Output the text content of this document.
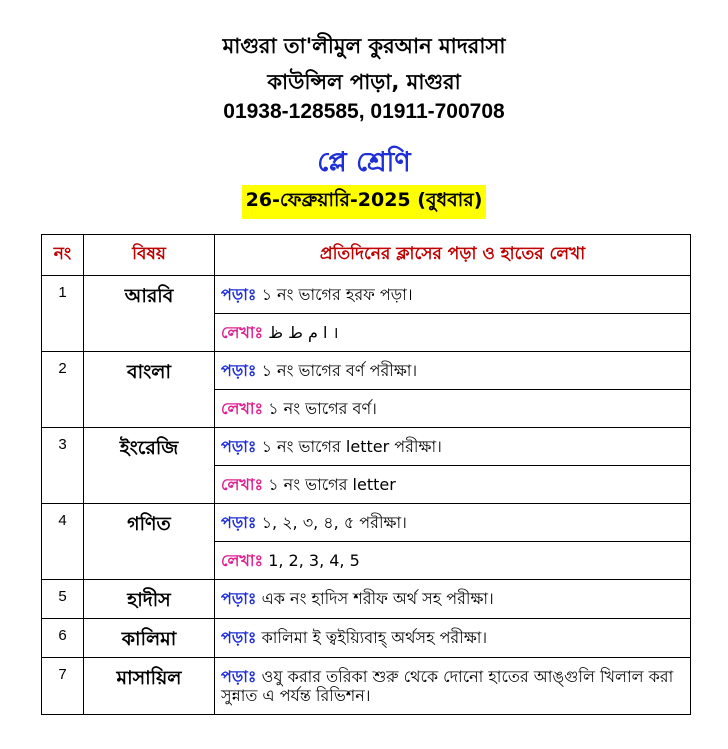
মাগুরা তা'লীমুল কুরআন মাদরাসা
কাউন্সিল পাড়া, মাগুরা
01938-128585, 01911-700708
প্লে শ্রেণি
26-ফেব্রুয়ারি-2025 (বুধবার)
নং	বিষয়	প্রতিদিনের ক্লাসের পড়া ও হাতের লেখা
1	আরবি	পড়াঃ ১ নং ভাগের হরফ পড়া।
		লেখাঃ ا م ط ظ ।
2	বাংলা	পড়াঃ ১ নং ভাগের বর্ণ পরীক্ষা।
		লেখাঃ ১ নং ভাগের বর্ণ।
3	ইংরেজি	পড়াঃ ১ নং ভাগের letter পরীক্ষা।
		লেখাঃ ১ নং ভাগের letter
4	গণিত	পড়াঃ ১, ২, ৩, ৪, ৫ পরীক্ষা।
		লেখাঃ 1, 2, 3, 4, 5
5	হাদীস	পড়াঃ এক নং হাদিস শরীফ অর্থ সহ পরীক্ষা।
6	কালিমা	পড়াঃ কালিমা ই ত্বইয়্যিবাহ্‌ অর্থসহ পরীক্ষা।
7	মাসায়িল	পড়াঃ ওযু করার তরিকা শুরু থেকে দোনো হাতের আঙ্গুলি খিলাল করা সুন্নাত এ পর্যন্ত রিভিশন।
